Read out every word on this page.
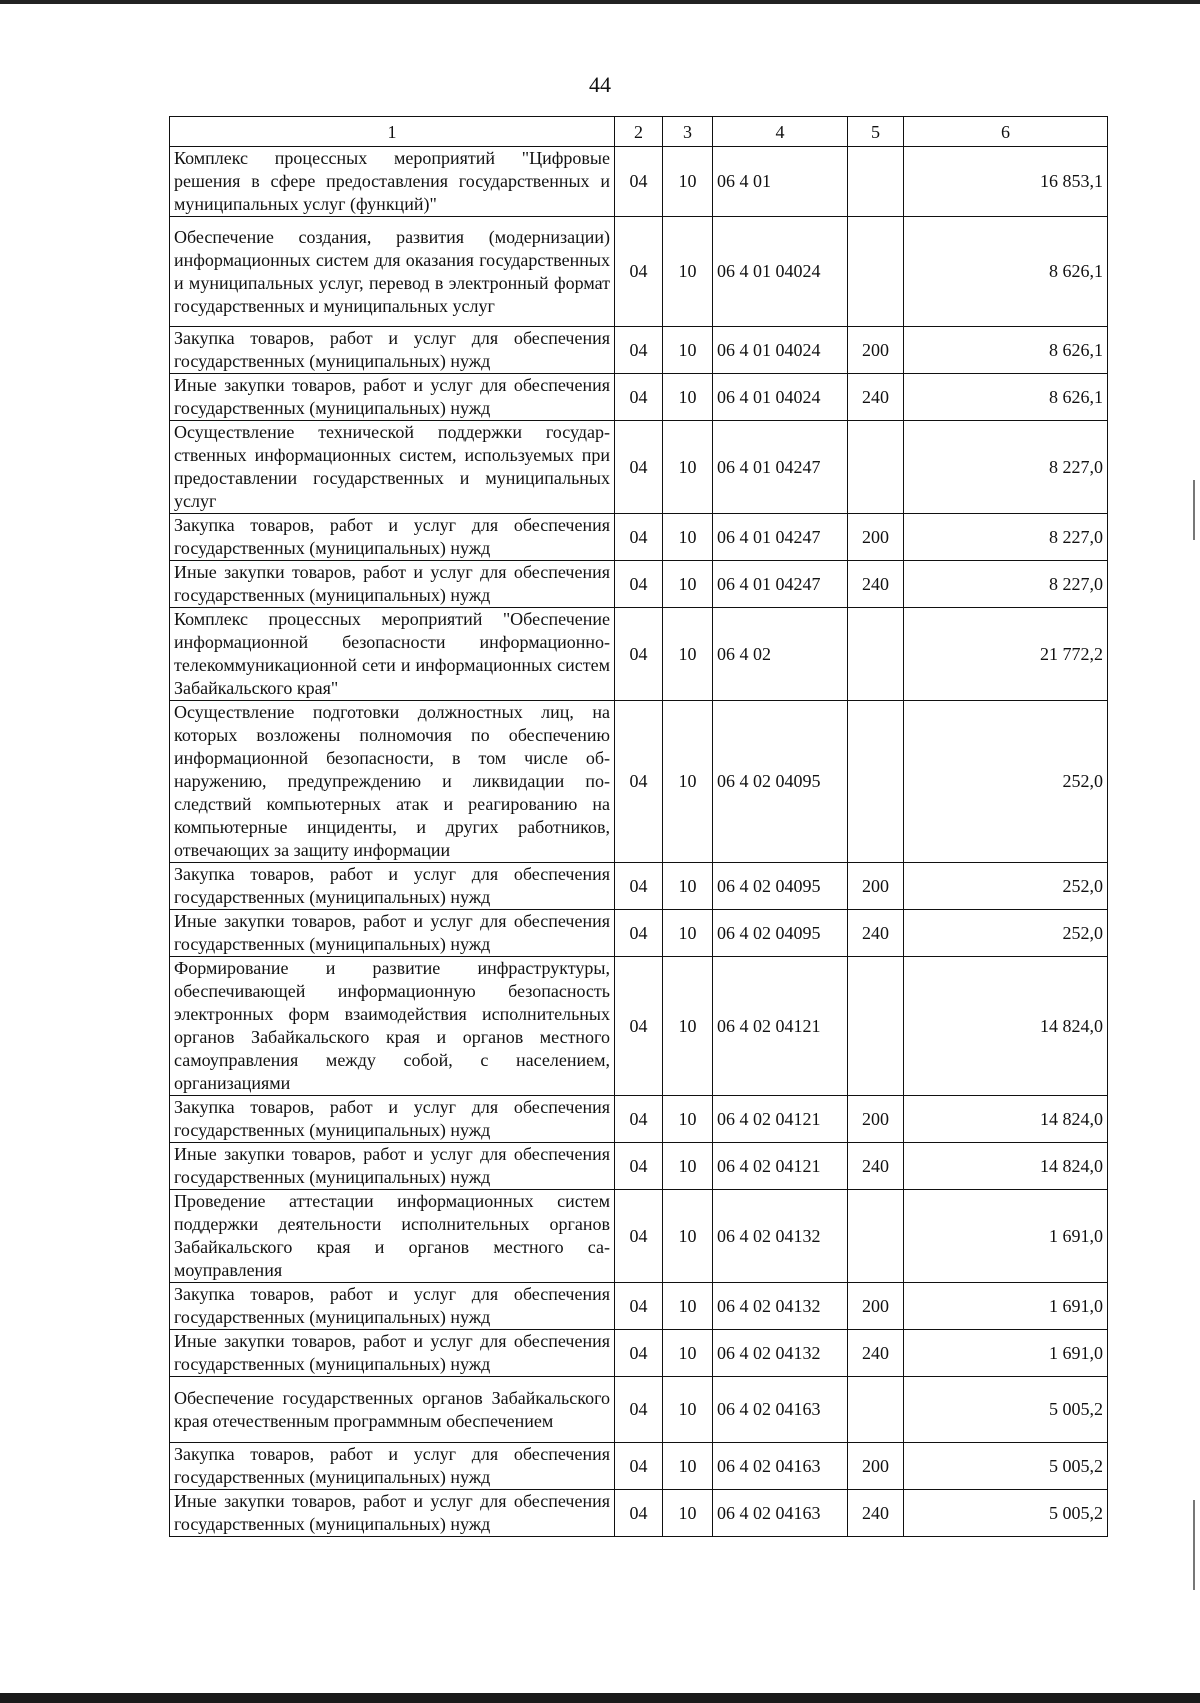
44
1	2	3	4	5	6
Комплекс процессных мероприятий "Цифровые решения в сфере предоставления государственных и муниципальных услуг (функций)"	04	10	06 4 01		16 853,1
Обеспечение создания, развития (модернизации) информационных систем для оказания государственных и муниципальных услуг, перевод в электронный формат государственных и муниципальных услуг	04	10	06 4 01 04024		8 626,1
Закупка товаров, работ и услуг для обеспечения государственных (муниципальных) нужд	04	10	06 4 01 04024	200	8 626,1
Иные закупки товаров, работ и услуг для обеспечения государственных (муниципальных) нужд	04	10	06 4 01 04024	240	8 626,1
Осуществление технической поддержки государственных информационных систем, используемых при предоставлении государственных и муниципальных услуг	04	10	06 4 01 04247		8 227,0
Закупка товаров, работ и услуг для обеспечения государственных (муниципальных) нужд	04	10	06 4 01 04247	200	8 227,0
Иные закупки товаров, работ и услуг для обеспечения государственных (муниципальных) нужд	04	10	06 4 01 04247	240	8 227,0
Комплекс процессных мероприятий "Обеспечение информационной безопасности информационно-телекоммуникационной сети и информационных систем Забайкальского края"	04	10	06 4 02		21 772,2
Осуществление подготовки должностных лиц, на которых возложены полномочия по обеспечению информационной безопасности, в том числе обнаружению, предупреждению и ликвидации последствий компьютерных атак и реагированию на компьютерные инциденты, и других работников, отвечающих за защиту информации	04	10	06 4 02 04095		252,0
Закупка товаров, работ и услуг для обеспечения государственных (муниципальных) нужд	04	10	06 4 02 04095	200	252,0
Иные закупки товаров, работ и услуг для обеспечения государственных (муниципальных) нужд	04	10	06 4 02 04095	240	252,0
Формирование и развитие инфраструктуры, обеспечивающей информационную безопасность электронных форм взаимодействия исполнительных органов Забайкальского края и органов местного самоуправления между собой, с населением, организациями	04	10	06 4 02 04121		14 824,0
Закупка товаров, работ и услуг для обеспечения государственных (муниципальных) нужд	04	10	06 4 02 04121	200	14 824,0
Иные закупки товаров, работ и услуг для обеспечения государственных (муниципальных) нужд	04	10	06 4 02 04121	240	14 824,0
Проведение аттестации информационных систем поддержки деятельности исполнительных органов Забайкальского края и органов местного самоуправления	04	10	06 4 02 04132		1 691,0
Закупка товаров, работ и услуг для обеспечения государственных (муниципальных) нужд	04	10	06 4 02 04132	200	1 691,0
Иные закупки товаров, работ и услуг для обеспечения государственных (муниципальных) нужд	04	10	06 4 02 04132	240	1 691,0
Обеспечение государственных органов Забайкальского края отечественным программным обеспечением	04	10	06 4 02 04163		5 005,2
Закупка товаров, работ и услуг для обеспечения государственных (муниципальных) нужд	04	10	06 4 02 04163	200	5 005,2
Иные закупки товаров, работ и услуг для обеспечения государственных (муниципальных) нужд	04	10	06 4 02 04163	240	5 005,2
